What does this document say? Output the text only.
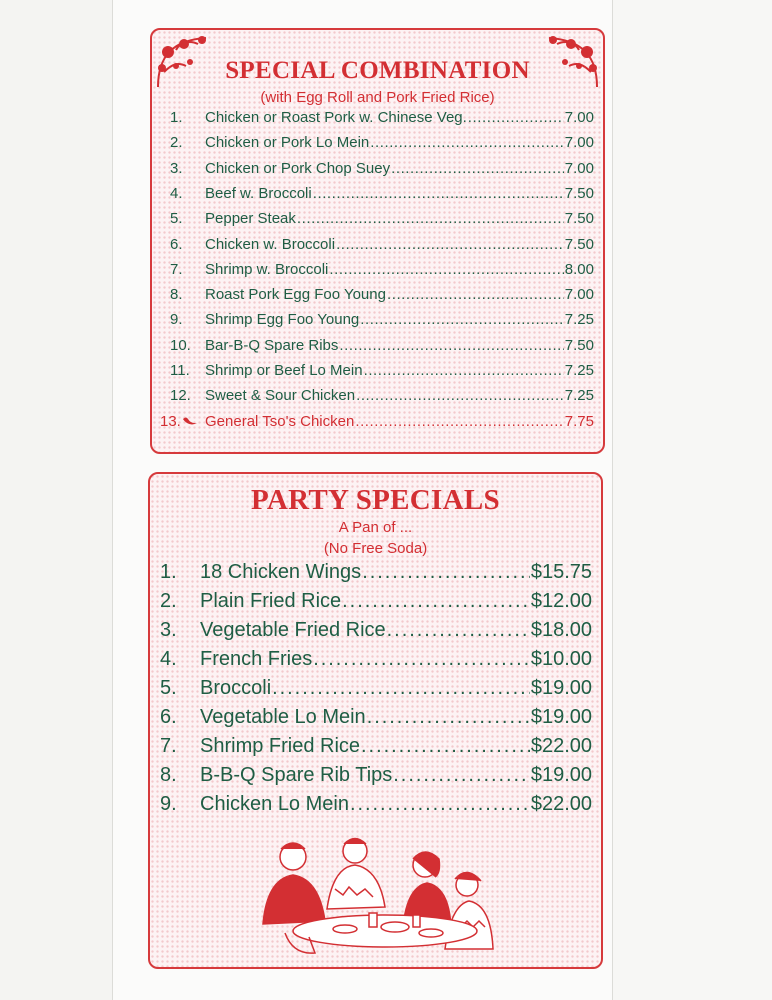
SPECIAL COMBINATION
(with Egg Roll and Pork Fried Rice)
1. Chicken or Roast Pork w. Chinese Veg. . . .	7.00
2. Chicken or Pork Lo Mein . . .	7.00
3. Chicken or Pork Chop Suey . . .	7.00
4. Beef w. Broccoli . . .	7.50
5. Pepper Steak . . .	7.50
6. Chicken w. Broccoli . . .	7.50
7. Shrimp w. Broccoli . . .	8.00
8. Roast Pork Egg Foo Young . . .	7.00
9. Shrimp Egg Foo Young . . .	7.25
10. Bar-B-Q Spare Ribs . . .	7.50
11. Shrimp or Beef Lo Mein . . .	7.25
12. Sweet & Sour Chicken . . .	7.25
13. General Tso's Chicken . . .	7.75
PARTY SPECIALS
A Pan of ...
(No Free Soda)
1. 18 Chicken Wings . . .	$15.75
2. Plain Fried Rice . . .	$12.00
3. Vegetable Fried Rice . . .	$18.00
4. French Fries . . .	$10.00
5. Broccoli . . .	$19.00
6. Vegetable Lo Mein . . .	$19.00
7. Shrimp Fried Rice . . .	$22.00
8. B-B-Q Spare Rib Tips . . .	$19.00
9. Chicken Lo Mein . . .	$22.00
